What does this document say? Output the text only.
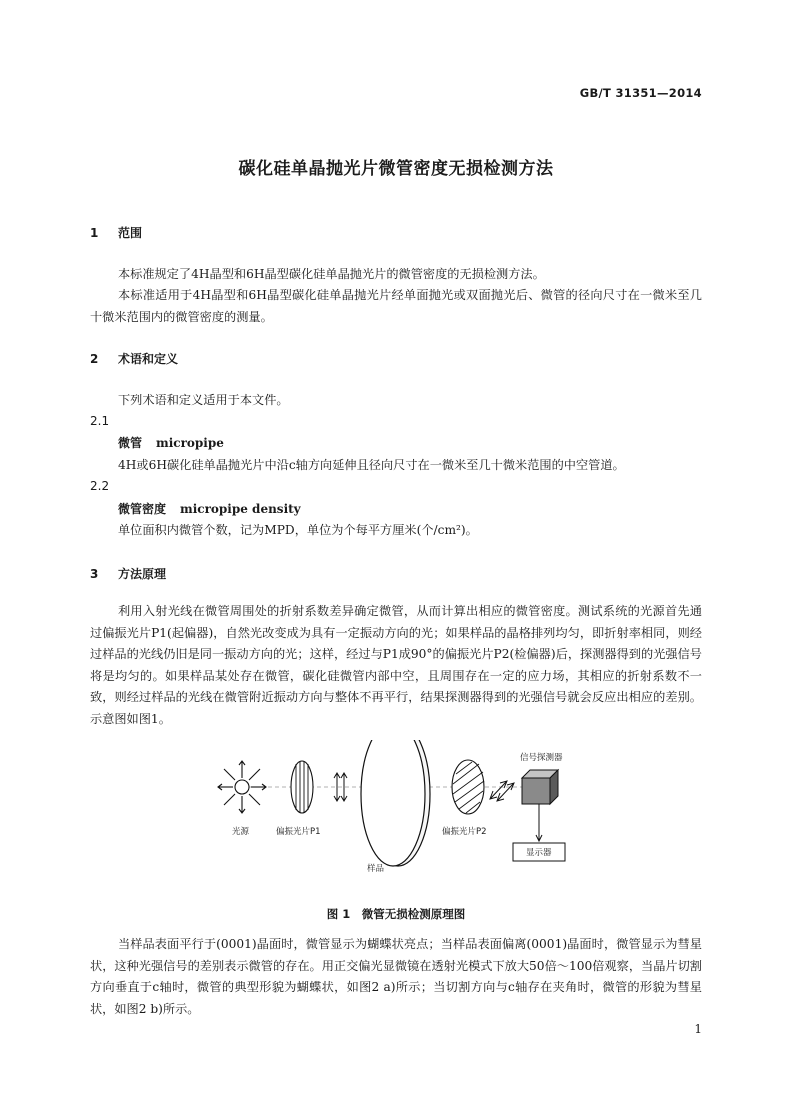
GB/T 31351—2014
碳化硅单晶抛光片微管密度无损检测方法
1 范围
本标准规定了4H晶型和6H晶型碳化硅单晶抛光片的微管密度的无损检测方法。
本标准适用于4H晶型和6H晶型碳化硅单晶抛光片经单面抛光或双面抛光后、微管的径向尺寸在一微米至几十微米范围内的微管密度的测量。
2 术语和定义
下列术语和定义适用于本文件。
2.1
微管 micropipe
4H或6H碳化硅单晶抛光片中沿c轴方向延伸且径向尺寸在一微米至几十微米范围的中空管道。
2.2
微管密度 micropipe density
单位面积内微管个数，记为MPD，单位为个每平方厘米(个/cm²)。
3 方法原理
利用入射光线在微管周围处的折射系数差异确定微管，从而计算出相应的微管密度。测试系统的光源首先通过偏振光片P1(起偏器)，自然光改变成为具有一定振动方向的光；如果样品的晶格排列均匀，即折射率相同，则经过样品的光线仍旧是同一振动方向的光；这样，经过与P1成90°的偏振光片P2(检偏器)后，探测器得到的光强信号将是均匀的。如果样品某处存在微管，碳化硅微管内部中空，且周围存在一定的应力场，其相应的折射系数不一致，则经过样品的光线在微管附近振动方向与整体不再平行，结果探测器得到的光强信号就会反应出相应的差别。示意图如图1。
光源	偏振光片P1
样品
偏振光片P2
信号探测器
显示器
图 1　微管无损检测原理图
当样品表面平行于(0001)晶面时，微管显示为蝴蝶状亮点；当样品表面偏离(0001)晶面时，微管显示为彗星状，这种光强信号的差别表示微管的存在。用正交偏光显微镜在透射光模式下放大50倍～100倍观察，当晶片切割方向垂直于c轴时，微管的典型形貌为蝴蝶状，如图2 a)所示；当切割方向与c轴存在夹角时，微管的形貌为彗星状，如图2 b)所示。
1
